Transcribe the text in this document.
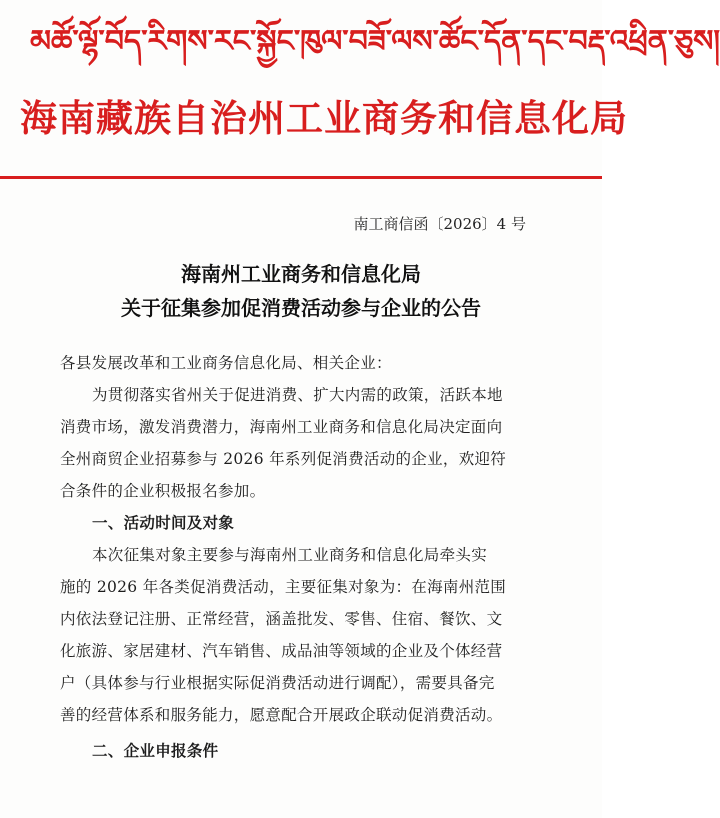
མཚོ་ལྷོ་བོད་རིགས་རང་སྐྱོང་ཁུལ་བཟོ་ལས་ཚོང་དོན་དང་བརྡ་འཕྲིན་ཅུས།
海南藏族自治州工业商务和信息化局
南工商信函〔2026〕4 号
海南州工业商务和信息化局
关于征集参加促消费活动参与企业的公告
各县发展改革和工业商务信息化局、相关企业：
为贯彻落实省州关于促进消费、扩大内需的政策，活跃本地
消费市场，激发消费潜力，海南州工业商务和信息化局决定面向
全州商贸企业招募参与 2026 年系列促消费活动的企业，欢迎符
合条件的企业积极报名参加。
一、活动时间及对象
本次征集对象主要参与海南州工业商务和信息化局牵头实
施的 2026 年各类促消费活动，主要征集对象为：在海南州范围
内依法登记注册、正常经营，涵盖批发、零售、住宿、餐饮、文
化旅游、家居建材、汽车销售、成品油等领域的企业及个体经营
户（具体参与行业根据实际促消费活动进行调配），需要具备完
善的经营体系和服务能力，愿意配合开展政企联动促消费活动。
二、企业申报条件
